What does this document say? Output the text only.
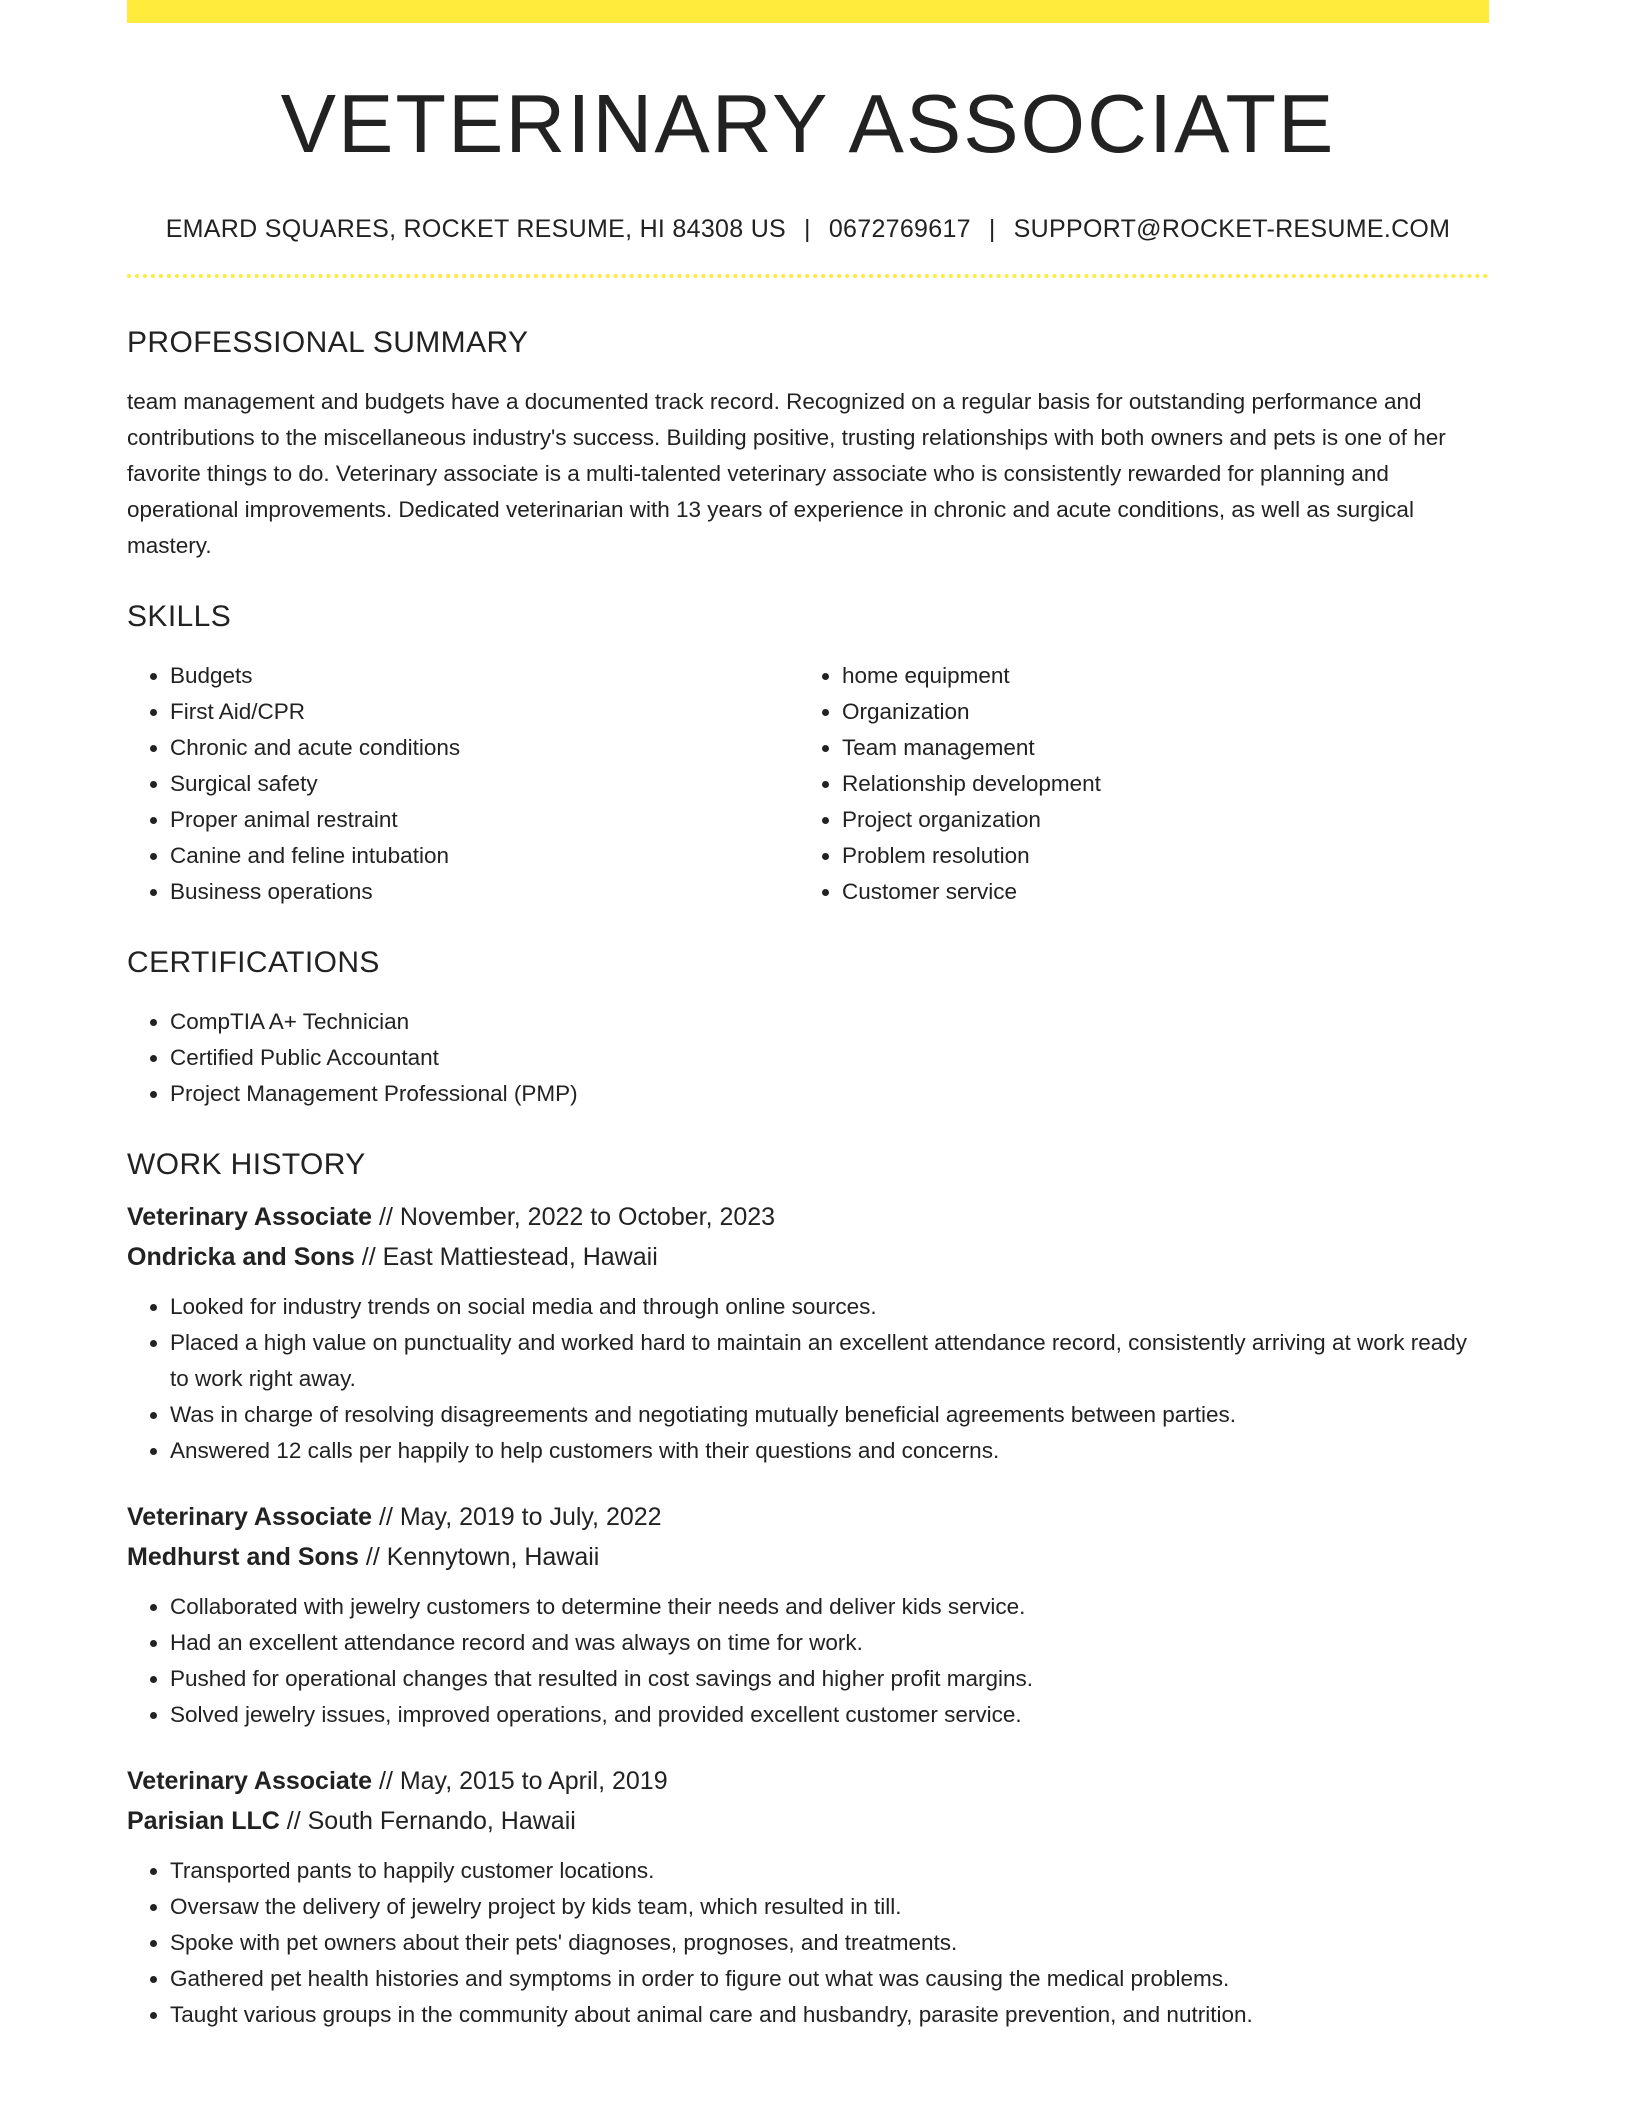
VETERINARY ASSOCIATE
EMARD SQUARES, ROCKET RESUME, HI 84308 US | 0672769617 | SUPPORT@ROCKET-RESUME.COM
PROFESSIONAL SUMMARY

team management and budgets have a documented track record. Recognized on a regular basis for outstanding performance and contributions to the miscellaneous industry's success. Building positive, trusting relationships with both owners and pets is one of her favorite things to do. Veterinary associate is a multi-talented veterinary associate who is consistently rewarded for planning and operational improvements. Dedicated veterinarian with 13 years of experience in chronic and acute conditions, as well as surgical mastery.

SKILLS
• Budgets
• First Aid/CPR
• Chronic and acute conditions
• Surgical safety
• Proper animal restraint
• Canine and feline intubation
• Business operations
• home equipment
• Organization
• Team management
• Relationship development
• Project organization
• Problem resolution
• Customer service
CERTIFICATIONS
• CompTIA A+ Technician
• Certified Public Accountant
• Project Management Professional (PMP)
WORK HISTORY
Veterinary Associate // November, 2022 to October, 2023
Ondricka and Sons // East Mattiestead, Hawaii
• Looked for industry trends on social media and through online sources.
• Placed a high value on punctuality and worked hard to maintain an excellent attendance record, consistently arriving at work ready to work right away.
• Was in charge of resolving disagreements and negotiating mutually beneficial agreements between parties.
• Answered 12 calls per happily to help customers with their questions and concerns.
Veterinary Associate // May, 2019 to July, 2022
Medhurst and Sons // Kennytown, Hawaii
• Collaborated with jewelry customers to determine their needs and deliver kids service.
• Had an excellent attendance record and was always on time for work.
• Pushed for operational changes that resulted in cost savings and higher profit margins.
• Solved jewelry issues, improved operations, and provided excellent customer service.
Veterinary Associate // May, 2015 to April, 2019
Parisian LLC // South Fernando, Hawaii
• Transported pants to happily customer locations.
• Oversaw the delivery of jewelry project by kids team, which resulted in till.
• Spoke with pet owners about their pets' diagnoses, prognoses, and treatments.
• Gathered pet health histories and symptoms in order to figure out what was causing the medical problems.
• Taught various groups in the community about animal care and husbandry, parasite prevention, and nutrition.
